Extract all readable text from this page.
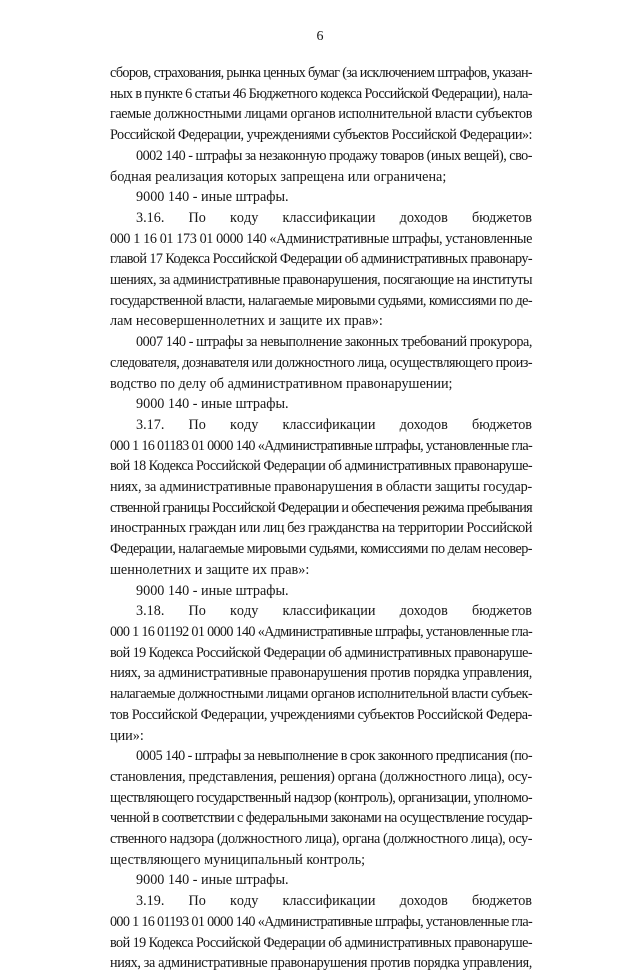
6
сборов, страхования, рынка ценных бумаг (за исключением штрафов, указан-
ных в пункте 6 статьи 46 Бюджетного кодекса Российской Федерации), нала-
гаемые должностными лицами органов исполнительной власти субъектов
Российской Федерации, учреждениями субъектов Российской Федерации»:
0002 140 - штрафы за незаконную продажу товаров (иных вещей), сво-
бодная реализация которых запрещена или ограничена;
9000 140 - иные штрафы.
3.16. По кoду классификации доходов бюджетов
000 1 16 01 173 01 0000 140 «Административные штрафы, установленные
главой 17 Кодекса Российской Федерации об административных правонару-
шениях, за административные правонарушения, посягающие на институты
государственной власти, налагаемые мировыми судьями, комиссиями по де-
лам несовершеннолетних и защите их прав»:
0007 140 - штрафы за невыполнение законных требований прокурора,
следователя, дознавателя или должностного лица, осуществляющего произ-
водство по делу об административном правонарушении;
9000 140 - иные штрафы.
3.17. По кoду классификации доходов бюджетов
000 1 16 01183 01 0000 140 «Административные штрафы, установленные гла-
вой 18 Кодекса Российской Федерации об административных правонаруше-
ниях, за административные правонарушения в области защиты государ-
ственной границы Российской Федерации и обеспечения режима пребывания
иностранных граждан или лиц без гражданства на территории Российской
Федерации, налагаемые мировыми судьями, комиссиями по делам несовер-
шеннолетних и защите их прав»:
9000 140 - иные штрафы.
3.18. По кoду классификации доходов бюджетов
000 1 16 01192 01 0000 140 «Административные штрафы, установленные гла-
вой 19 Кодекса Российской Федерации об административных правонаруше-
ниях, за административные правонарушения против порядка управления,
налагаемые должностными лицами органов исполнительной власти субъек-
тов Российской Федерации, учреждениями субъектов Российской Федера-
ции»:
0005 140 - штрафы за невыполнение в срок законного предписания (по-
становления, представления, решения) органа (должностного лица), осу-
ществляющего государственный надзор (контроль), организации, уполномо-
ченной в соответствии с федеральными законами на осуществление государ-
ственного надзора (должностного лица), органа (должностного лица), осу-
ществляющего муниципальный контроль;
9000 140 - иные штрафы.
3.19. По кoду классификации доходов бюджетов
000 1 16 01193 01 0000 140 «Административные штрафы, установленные гла-
вой 19 Кодекса Российской Федерации об административных правонаруше-
ниях, за административные правонарушения против порядка управления,
